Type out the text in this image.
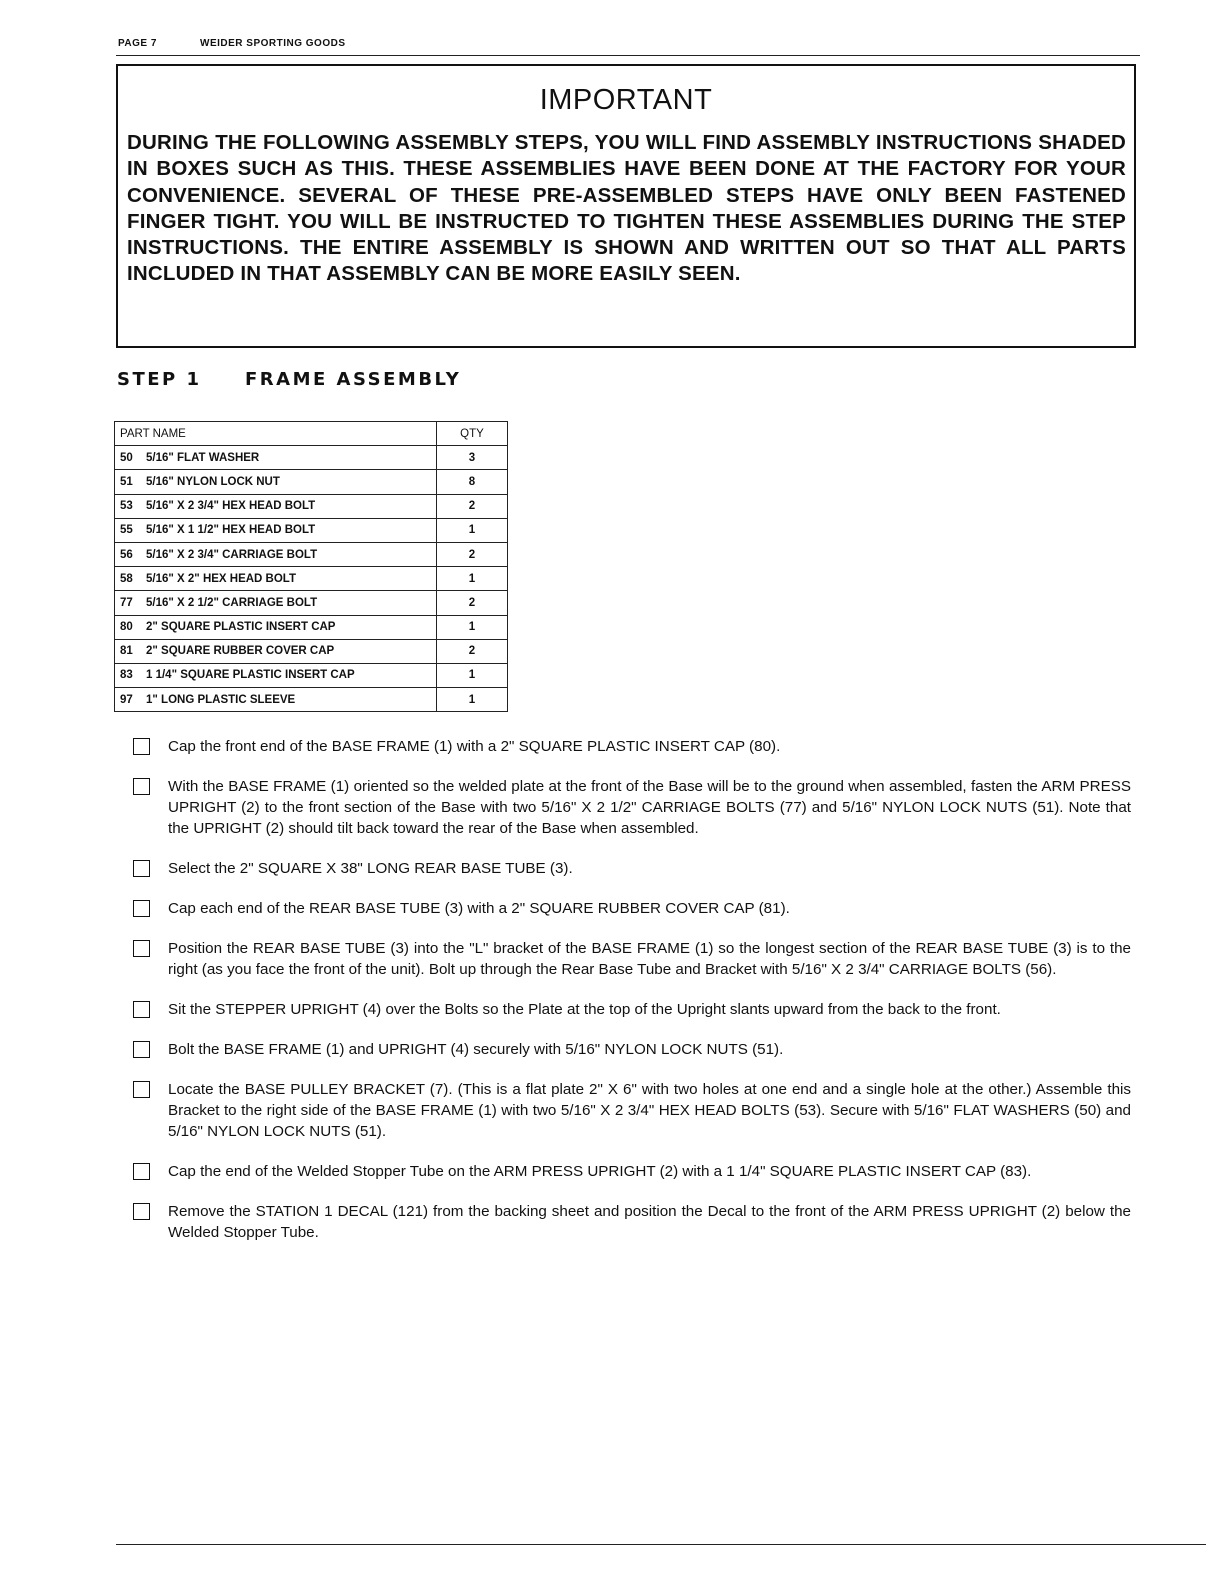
PAGE 7	WEIDER SPORTING GOODS
IMPORTANT
DURING THE FOLLOWING ASSEMBLY STEPS, YOU WILL FIND ASSEMBLY INSTRUCTIONS SHADED IN BOXES SUCH AS THIS. THESE ASSEMBLIES HAVE BEEN DONE AT THE FACTORY FOR YOUR CONVENIENCE. SEVERAL OF THESE PRE-ASSEMBLED STEPS HAVE ONLY BEEN FASTENED FINGER TIGHT. YOU WILL BE INSTRUCTED TO TIGHTEN THESE ASSEMBLIES DURING THE STEP INSTRUCTIONS. THE ENTIRE ASSEMBLY IS SHOWN AND WRITTEN OUT SO THAT ALL PARTS INCLUDED IN THAT ASSEMBLY CAN BE MORE EASILY SEEN.
STEP 1 FRAME ASSEMBLY
PART NAME	QTY
50 5/16" FLAT WASHER	3
51 5/16" NYLON LOCK NUT	8
53 5/16" X 2 3/4" HEX HEAD BOLT	2
55 5/16" X 1 1/2" HEX HEAD BOLT	1
56 5/16" X 2 3/4" CARRIAGE BOLT	2
58 5/16" X 2" HEX HEAD BOLT	1
77 5/16" X 2 1/2" CARRIAGE BOLT	2
80 2" SQUARE PLASTIC INSERT CAP	1
81 2" SQUARE RUBBER COVER CAP	2
83 1 1/4" SQUARE PLASTIC INSERT CAP	1
97 1" LONG PLASTIC SLEEVE	1
Cap the front end of the BASE FRAME (1) with a 2" SQUARE PLASTIC INSERT CAP (80).
With the BASE FRAME (1) oriented so the welded plate at the front of the Base will be to the ground when assembled, fasten the ARM PRESS UPRIGHT (2) to the front section of the Base with two 5/16" X 2 1/2" CARRIAGE BOLTS (77) and 5/16" NYLON LOCK NUTS (51). Note that the UPRIGHT (2) should tilt back toward the rear of the Base when assembled.
Select the 2" SQUARE X 38" LONG REAR BASE TUBE (3).
Cap each end of the REAR BASE TUBE (3) with a 2" SQUARE RUBBER COVER CAP (81).
Position the REAR BASE TUBE (3) into the "L" bracket of the BASE FRAME (1) so the longest section of the REAR BASE TUBE (3) is to the right (as you face the front of the unit). Bolt up through the Rear Base Tube and Bracket with 5/16" X 2 3/4" CARRIAGE BOLTS (56).
Sit the STEPPER UPRIGHT (4) over the Bolts so the Plate at the top of the Upright slants upward from the back to the front.
Bolt the BASE FRAME (1) and UPRIGHT (4) securely with 5/16" NYLON LOCK NUTS (51).
Locate the BASE PULLEY BRACKET (7). (This is a flat plate 2" X 6" with two holes at one end and a single hole at the other.) Assemble this Bracket to the right side of the BASE FRAME (1) with two 5/16" X 2 3/4" HEX HEAD BOLTS (53). Secure with 5/16" FLAT WASHERS (50) and 5/16" NYLON LOCK NUTS (51).
Cap the end of the Welded Stopper Tube on the ARM PRESS UPRIGHT (2) with a 1 1/4" SQUARE PLASTIC INSERT CAP (83).
Remove the STATION 1 DECAL (121) from the backing sheet and position the Decal to the front of the ARM PRESS UPRIGHT (2) below the Welded Stopper Tube.
